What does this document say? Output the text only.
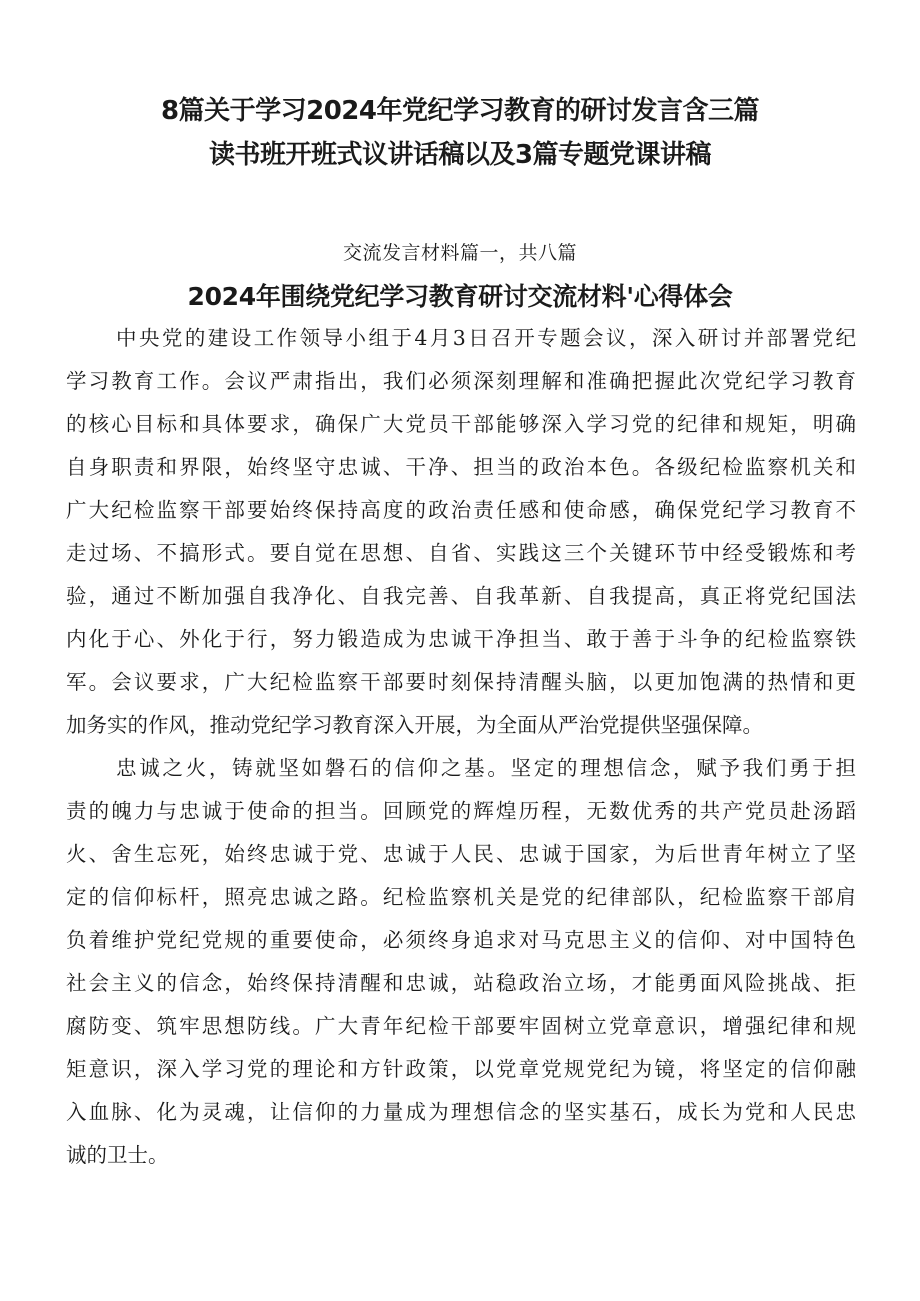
8篇关于学习2024年党纪学习教育的研讨发言含三篇
读书班开班式议讲话稿以及3篇专题党课讲稿
交流发言材料篇一，共八篇
2024年围绕党纪学习教育研讨交流材料'心得体会
中央党的建设工作领导小组于4月3日召开专题会议，深入研讨并部署党纪
学习教育工作。会议严肃指出，我们必须深刻理解和准确把握此次党纪学习教育
的核心目标和具体要求，确保广大党员干部能够深入学习党的纪律和规矩，明确
自身职责和界限，始终坚守忠诚、干净、担当的政治本色。各级纪检监察机关和
广大纪检监察干部要始终保持高度的政治责任感和使命感，确保党纪学习教育不
走过场、不搞形式。要自觉在思想、自省、实践这三个关键环节中经受锻炼和考
验，通过不断加强自我净化、自我完善、自我革新、自我提高，真正将党纪国法
内化于心、外化于行，努力锻造成为忠诚干净担当、敢于善于斗争的纪检监察铁
军。会议要求，广大纪检监察干部要时刻保持清醒头脑，以更加饱满的热情和更
加务实的作风，推动党纪学习教育深入开展，为全面从严治党提供坚强保障。
忠诚之火，铸就坚如磐石的信仰之基。坚定的理想信念，赋予我们勇于担
责的魄力与忠诚于使命的担当。回顾党的辉煌历程，无数优秀的共产党员赴汤蹈
火、舍生忘死，始终忠诚于党、忠诚于人民、忠诚于国家，为后世青年树立了坚
定的信仰标杆，照亮忠诚之路。纪检监察机关是党的纪律部队，纪检监察干部肩
负着维护党纪党规的重要使命，必须终身追求对马克思主义的信仰、对中国特色
社会主义的信念，始终保持清醒和忠诚，站稳政治立场，才能勇面风险挑战、拒
腐防变、筑牢思想防线。广大青年纪检干部要牢固树立党章意识，增强纪律和规
矩意识，深入学习党的理论和方针政策，以党章党规党纪为镜，将坚定的信仰融
入血脉、化为灵魂，让信仰的力量成为理想信念的坚实基石，成长为党和人民忠
诚的卫士。
